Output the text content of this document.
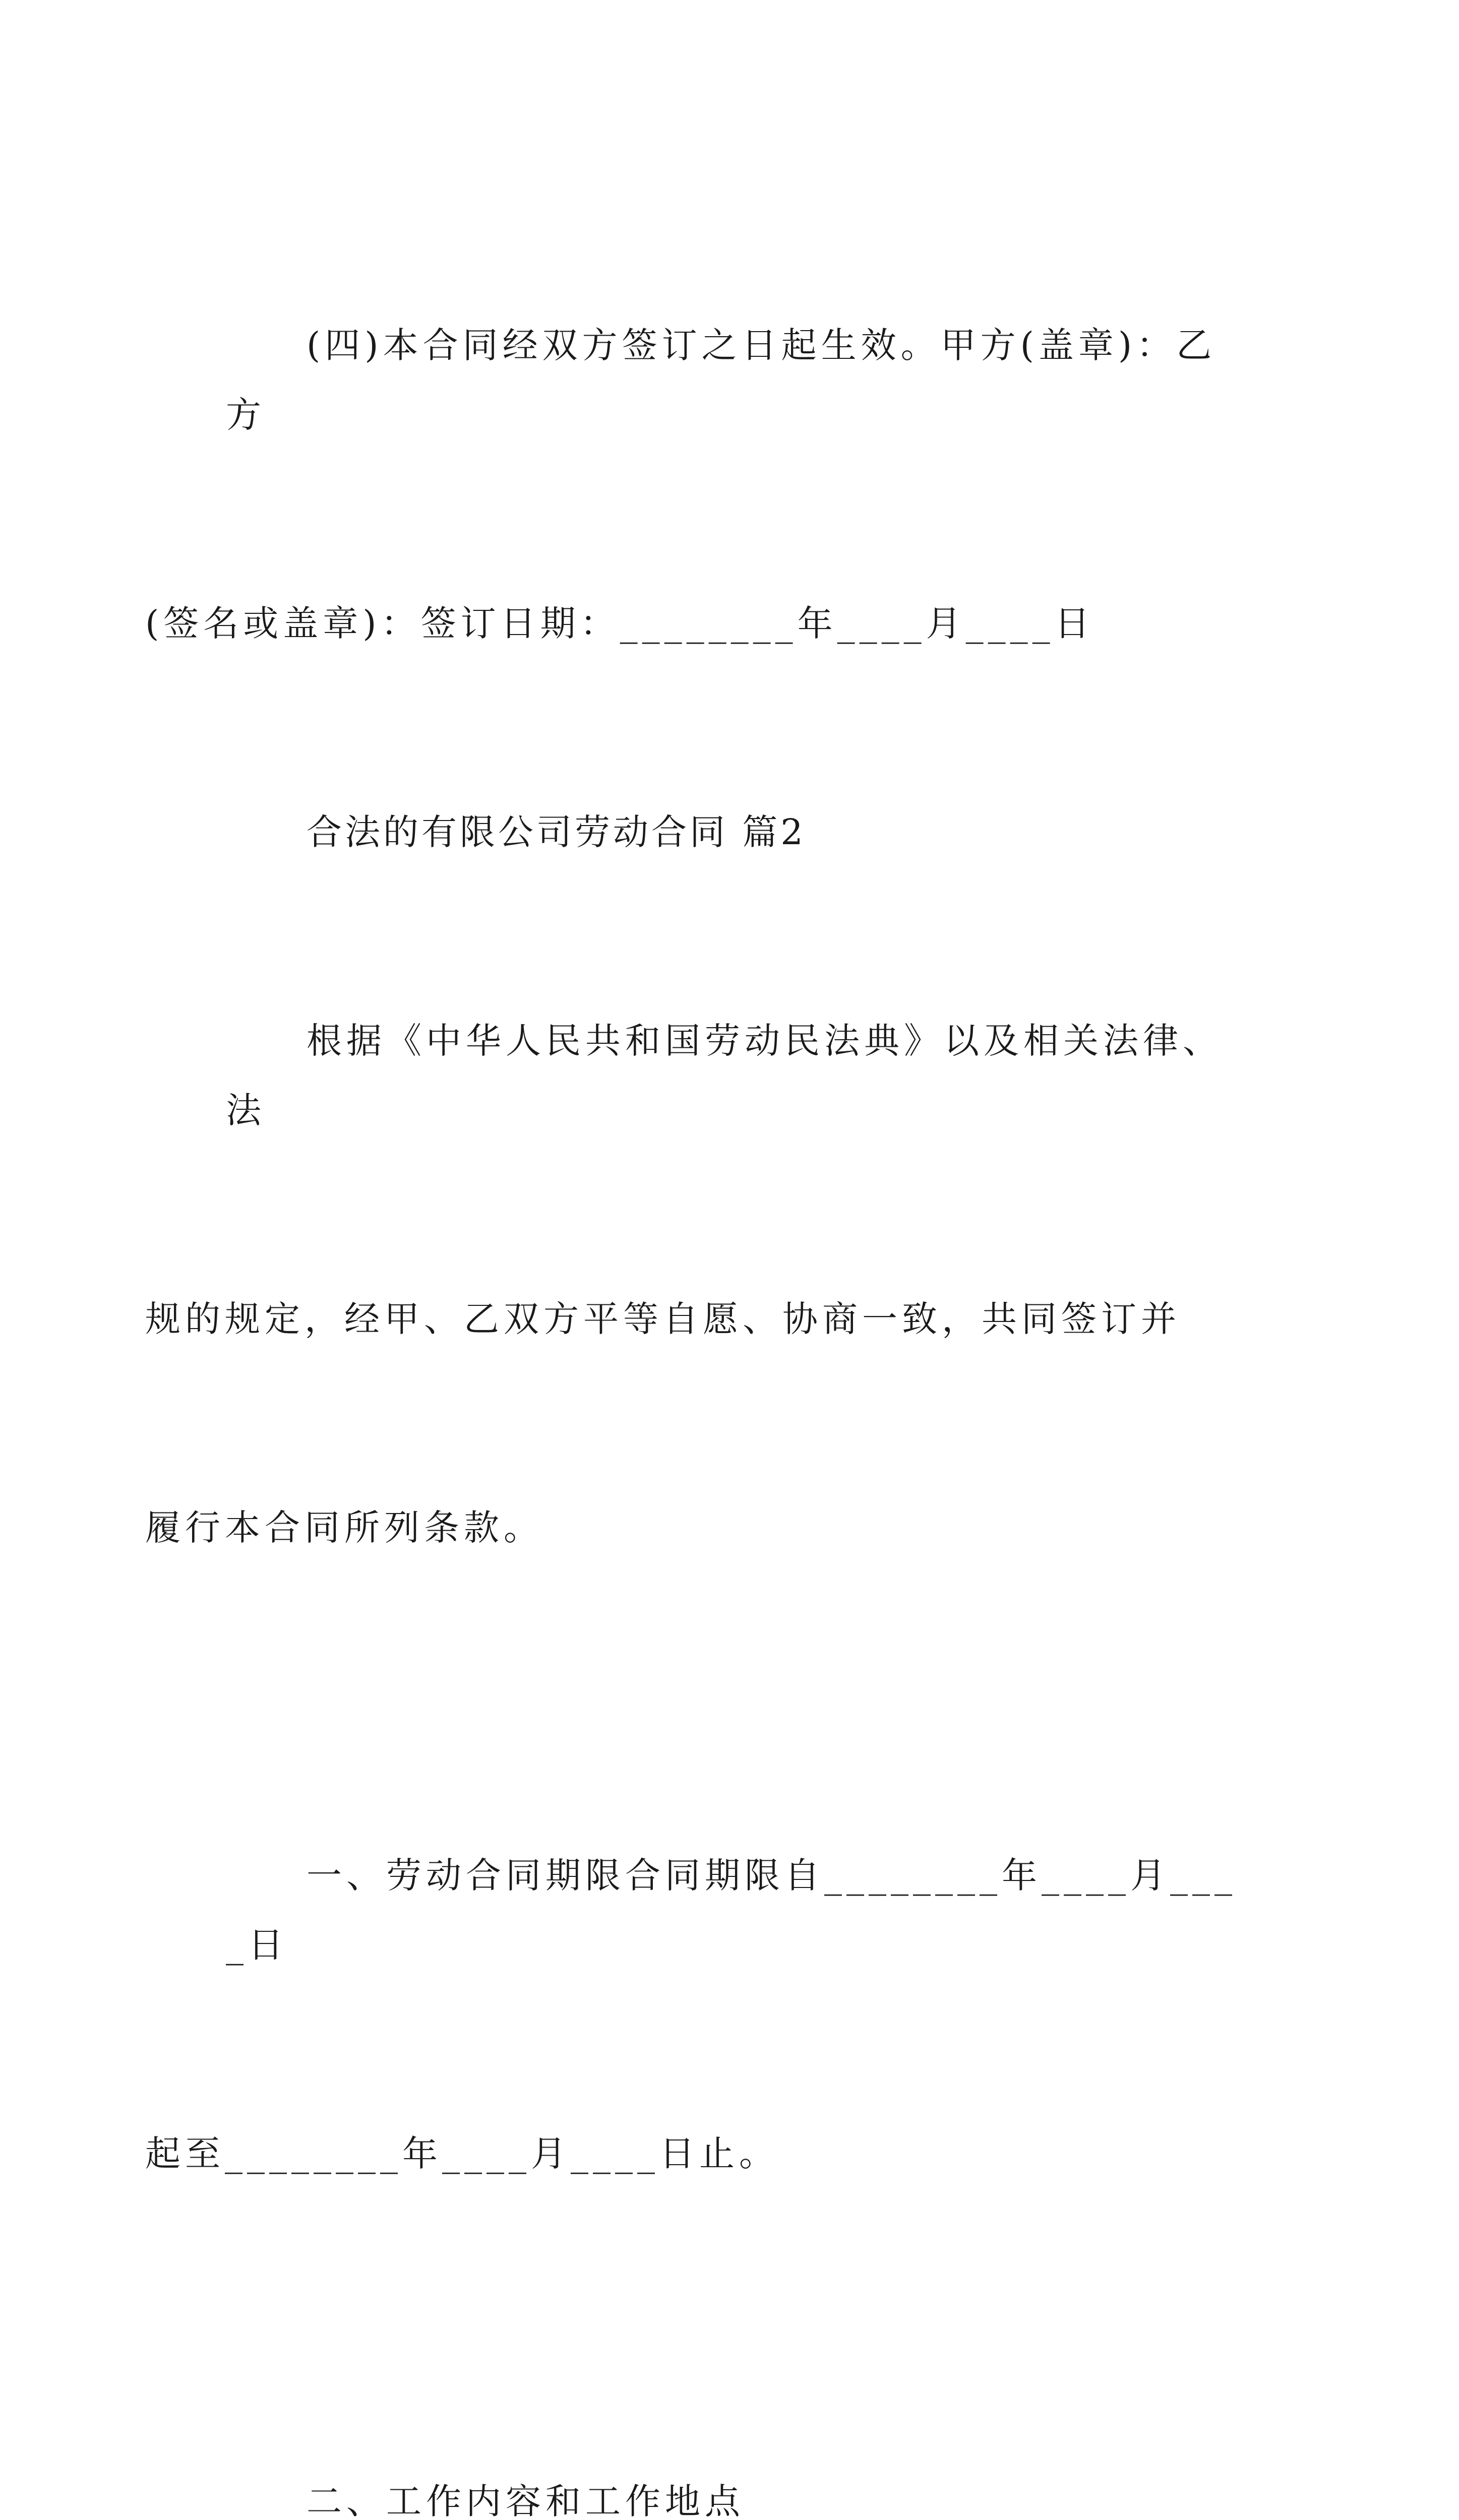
(四)本合同经双方签订之日起生效。甲方(盖章)：乙方

(签名或盖章)：签订日期：________年____月____日

合法的有限公司劳动合同 篇2

根据《中华人民共和国劳动民法典》以及相关法律、法

规的规定，经甲、乙双方平等自愿、协商一致，共同签订并

履行本合同所列条款。

一、劳动合同期限合同期限自________年____月____日

起至________年____月____日止。

二、工作内容和工作地点
